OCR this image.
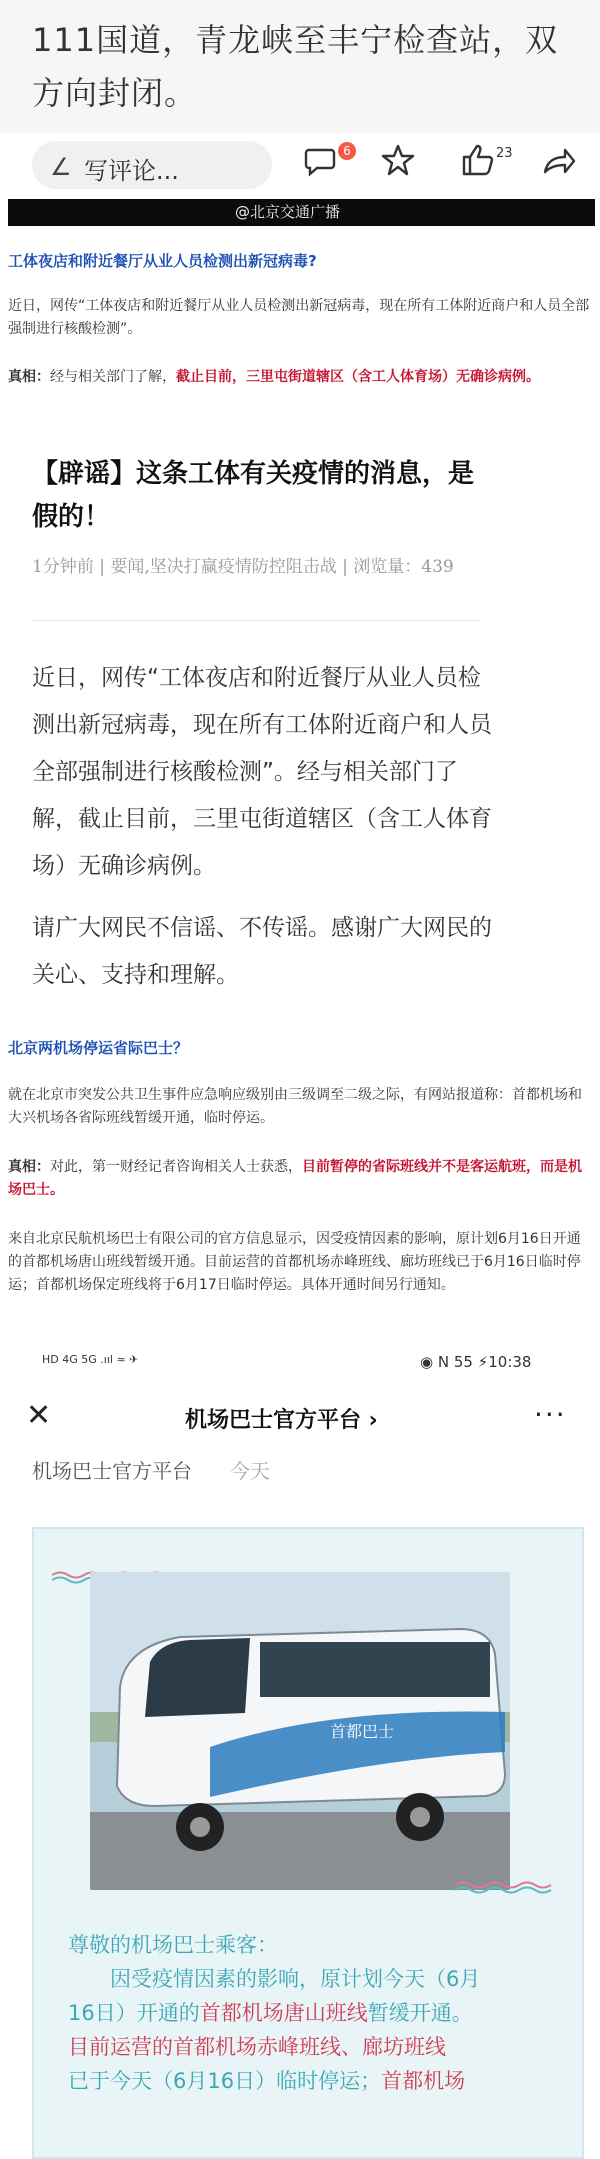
111国道，青龙峡至丰宁检查站，双方向封闭。
∠ 写评论...
6	23
@北京交通广播
工体夜店和附近餐厅从业人员检测出新冠病毒?
近日，网传“工体夜店和附近餐厅从业人员检测出新冠病毒，现在所有工体附近商户和人员全部强制进行核酸检测”。
真相：经与相关部门了解，截止目前，三里屯街道辖区（含工人体育场）无确诊病例。
【辟谣】这条工体有关疫情的消息，是假的！
1分钟前 | 要闻,坚决打赢疫情防控阻击战 | 浏览量：439
近日，网传“工体夜店和附近餐厅从业人员检测出新冠病毒，现在所有工体附近商户和人员全部强制进行核酸检测”。经与相关部门了解，截止目前，三里屯街道辖区（含工人体育场）无确诊病例。
请广大网民不信谣、不传谣。感谢广大网民的关心、支持和理解。
北京两机场停运省际巴士？
就在北京市突发公共卫生事件应急响应级别由三级调至二级之际，有网站报道称：首都机场和大兴机场各省际班线暂缓开通，临时停运。
真相：对此，第一财经记者咨询相关人士获悉，目前暂停的省际班线并不是客运航班，而是机场巴士。
来自北京民航机场巴士有限公司的官方信息显示，因受疫情因素的影响，原计划6月16日开通的首都机场唐山班线暂缓开通。目前运营的首都机场赤峰班线、廊坊班线已于6月16日临时停运；首都机场保定班线将于6月17日临时停运。具体开通时间另行通知。
HD 4G 5G .ııl ≈ ✈	◉ N 55 ⚡10:38
✕	机场巴士官方平台 ›	···
机场巴士官方平台 今天
首都巴士
尊敬的机场巴士乘客：
因受疫情因素的影响，原计划今天（6月
16日）开通的首都机场唐山班线暂缓开通。
目前运营的首都机场赤峰班线、廊坊班线
已于今天（6月16日）临时停运；首都机场
